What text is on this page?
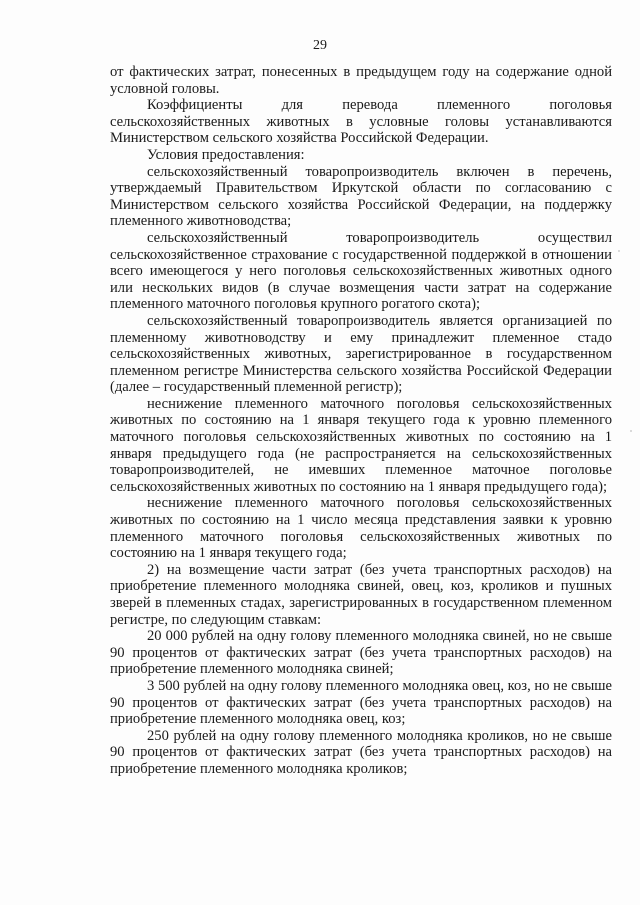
29

от фактических затрат, понесенных в предыдущем году на содержание одной условной головы.

Коэффициенты для перевода племенного поголовья сельскохозяйственных животных в условные головы устанавливаются Министерством сельского хозяйства Российской Федерации.

Условия предоставления:

сельскохозяйственный товаропроизводитель включен в перечень, утверждаемый Правительством Иркутской области по согласованию с Министерством сельского хозяйства Российской Федерации, на поддержку племенного животноводства;

сельскохозяйственный товаропроизводитель осуществил сельскохозяйственное страхование с государственной поддержкой в отношении всего имеющегося у него поголовья сельскохозяйственных животных одного или нескольких видов (в случае возмещения части затрат на содержание племенного маточного поголовья крупного рогатого скота);

сельскохозяйственный товаропроизводитель является организацией по племенному животноводству и ему принадлежит племенное стадо сельскохозяйственных животных, зарегистрированное в государственном племенном регистре Министерства сельского хозяйства Российской Федерации (далее – государственный племенной регистр);

неснижение племенного маточного поголовья сельскохозяйственных животных по состоянию на 1 января текущего года к уровню племенного маточного поголовья сельскохозяйственных животных по состоянию на 1 января предыдущего года (не распространяется на сельскохозяйственных товаропроизводителей, не имевших племенное маточное поголовье сельскохозяйственных животных по состоянию на 1 января предыдущего года);

неснижение племенного маточного поголовья сельскохозяйственных животных по состоянию на 1 число месяца представления заявки к уровню племенного маточного поголовья сельскохозяйственных животных по состоянию на 1 января текущего года;

2) на возмещение части затрат (без учета транспортных расходов) на приобретение племенного молодняка свиней, овец, коз, кроликов и пушных зверей в племенных стадах, зарегистрированных в государственном племенном регистре, по следующим ставкам:

20 000 рублей на одну голову племенного молодняка свиней, но не свыше 90 процентов от фактических затрат (без учета транспортных расходов) на приобретение племенного молодняка свиней;

3 500 рублей на одну голову племенного молодняка овец, коз, но не свыше 90 процентов от фактических затрат (без учета транспортных расходов) на приобретение племенного молодняка овец, коз;

250 рублей на одну голову племенного молодняка кроликов, но не свыше 90 процентов от фактических затрат (без учета транспортных расходов) на приобретение племенного молодняка кроликов;
